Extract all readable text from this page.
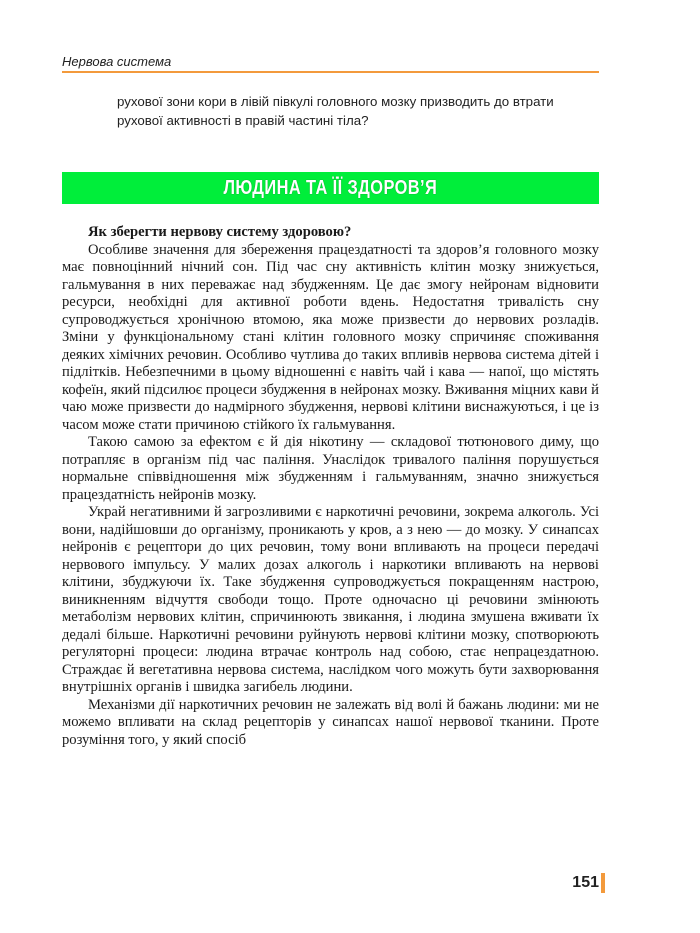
Нервова система

рухової зони кори в лівій півкулі головного мозку призводить до втрати рухової активності в правій частині тіла?

ЛЮДИНА ТА ЇЇ ЗДОРОВ’Я
Як зберегти нервову систему здоровою?

Особливе значення для збереження працездатності та здоров’я головного мозку має повноцінний нічний сон. Під час сну активність клітин мозку знижується, гальмування в них переважає над збудженням. Це дає змогу нейронам відновити ресурси, необхідні для активної роботи вдень. Недостатня тривалість сну супроводжується хронічною втомою, яка може призвести до нервових розладів. Зміни у функціональному стані клітин головного мозку спричиняє споживання деяких хімічних речовин. Особливо чутлива до таких впливів нервова система дітей і підлітків. Небезпечними в цьому відношенні є навіть чай і кава — напої, що містять кофеїн, який підсилює процеси збудження в нейронах мозку. Вживання міцних кави й чаю може призвести до надмірного збудження, нервові клітини виснажуються, і це із часом може стати причиною стійкого їх гальмування.

Такою самою за ефектом є й дія нікотину — складової тютюнового диму, що потрапляє в організм під час паління. Унаслідок тривалого паління порушується нормальне співвідношення між збудженням і гальмуванням, значно знижується працездатність нейронів мозку.

Украй негативними й загрозливими є наркотичні речовини, зокрема алкоголь. Усі вони, надійшовши до організму, проникають у кров, а з нею — до мозку. У синапсах нейронів є рецептори до цих речовин, тому вони впливають на процеси передачі нервового імпульсу. У малих дозах алкоголь і наркотики впливають на нервові клітини, збуджуючи їх. Таке збудження супроводжується покращенням настрою, виникненням відчуття свободи тощо. Проте одночасно ці речовини змінюють метаболізм нервових клітин, спричинюють звикання, і людина змушена вживати їх дедалі більше. Наркотичні речовини руйнують нервові клітини мозку, спотворюють регуляторні процеси: людина втрачає контроль над собою, стає непрацездатною. Страждає й вегетативна нервова система, наслідком чого можуть бути захворювання внутрішніх органів і швидка загибель людини.

Механізми дії наркотичних речовин не залежать від волі й бажань людини: ми не можемо впливати на склад рецепторів у синапсах нашої нервової тканини. Проте розуміння того, у який спосіб

151
